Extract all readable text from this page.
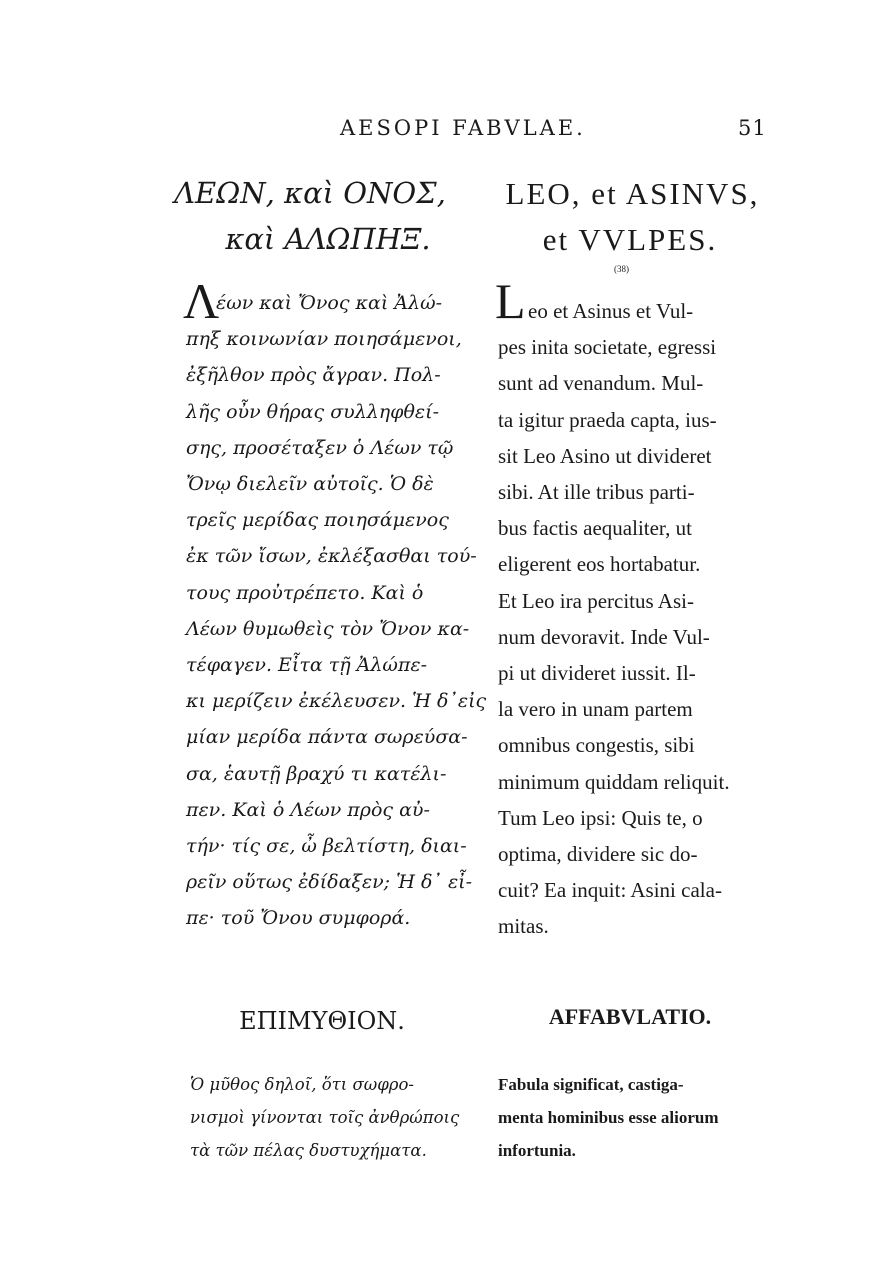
AESOPI FABVLAE.	51
ΛΕΩΝ, καὶ ΟΝΟΣ,
καὶ ΑΛΩΠΗΞ.
Λ
έων καὶ Ὄνος καὶ Ἀλώ-
πηξ κοινωνίαν ποιησάμενοι,
ἐξῆλθον πρὸς ἄγραν. Πολ-
λῆς οὖν θήρας συλληφθεί-
σης, προσέταξεν ὁ Λέων τῷ
Ὄνῳ διελεῖν αὐτοῖς. Ὁ δὲ
τρεῖς μερίδας ποιησάμενος
ἐκ τῶν ἴσων, ἐκλέξασθαι τού-
τους προὐτρέπετο. Καὶ ὁ
Λέων θυμωθεὶς τὸν Ὄνον κα-
τέφαγεν. Εἶτα τῇ Ἀλώπε-
κι μερίζειν ἐκέλευσεν. Ἡ δ᾽εἰς
μίαν μερίδα πάντα σωρεύσα-
σα, ἑαυτῇ βραχύ τι κατέλι-
πεν. Καὶ ὁ Λέων πρὸς αὐ-
τήν· τίς σε, ὦ βελτίστη, διαι-
ρεῖν οὕτως ἐδίδαξεν; Ἡ δ᾽ εἶ-
πε· τοῦ Ὄνου συμφορά.
ΕΠΙΜΥΘΙΟΝ.
Ὁ μῦθος δηλοῖ, ὅτι σωφρο-
νισμοὶ γίνονται τοῖς ἀνθρώποις
τὰ τῶν πέλας δυστυχήματα.
LEO, et ASINVS,
et VVLPES.
(38)
L eo et Asinus et Vul-
pes inita societate, egressi
sunt ad venandum. Mul-
ta igitur praeda capta, ius-
sit Leo Asino ut divideret
sibi. At ille tribus parti-
bus factis aequaliter, ut
eligerent eos hortabatur.
Et Leo ira percitus Asi-
num devoravit. Inde Vul-
pi ut divideret iussit. Il-
la vero in unam partem
omnibus congestis, sibi
minimum quiddam reliquit.
Tum Leo ipsi: Quis te, o
optima, dividere sic do-
cuit? Ea inquit: Asini cala-
mitas.
AFFABVLATIO.
Fabula significat, castiga-
menta hominibus esse aliorum
infortunia.
